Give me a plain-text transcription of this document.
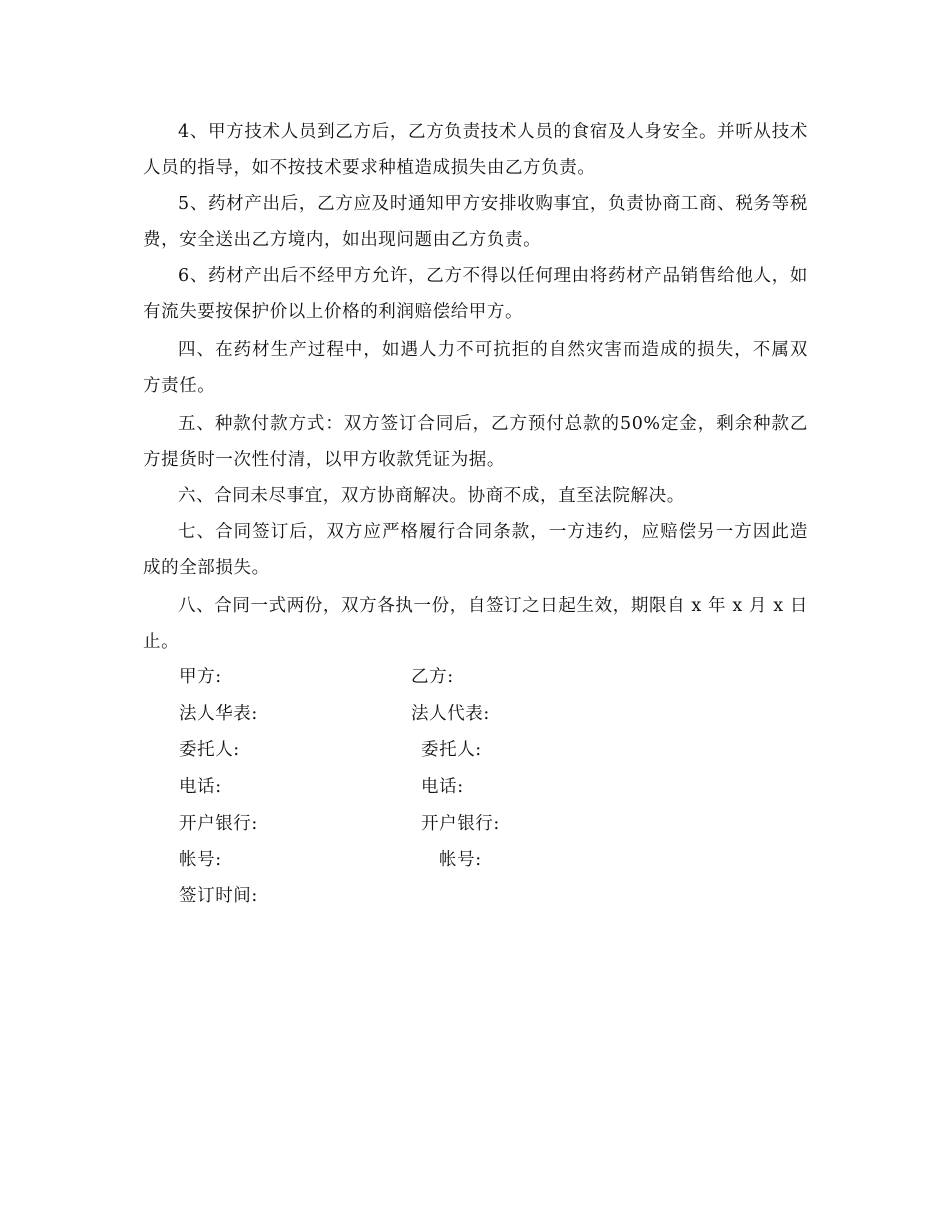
4、甲方技术人员到乙方后，乙方负责技术人员的食宿及人身安全。并听从技术人员的指导，如不按技术要求种植造成损失由乙方负责。

5、药材产出后，乙方应及时通知甲方安排收购事宜，负责协商工商、税务等税费，安全送出乙方境内，如出现问题由乙方负责。

6、药材产出后不经甲方允许，乙方不得以任何理由将药材产品销售给他人，如有流失要按保护价以上价格的利润赔偿给甲方。

四、在药材生产过程中，如遇人力不可抗拒的自然灾害而造成的损失，不属双方责任。

五、种款付款方式：双方签订合同后，乙方预付总款的50%定金，剩余种款乙方提货时一次性付清，以甲方收款凭证为据。

六、合同未尽事宜，双方协商解决。协商不成，直至法院解决。

七、合同签订后，双方应严格履行合同条款，一方违约，应赔偿另一方因此造成的全部损失。

八、合同一式两份，双方各执一份，自签订之日起生效，期限自 x 年 x 月 x 日止。

甲方:	乙方:
法人华表:	法人代表:
委托人:	委托人:
电话:	电话:
开户银行:	开户银行:
帐号:	帐号:
签订时间:
